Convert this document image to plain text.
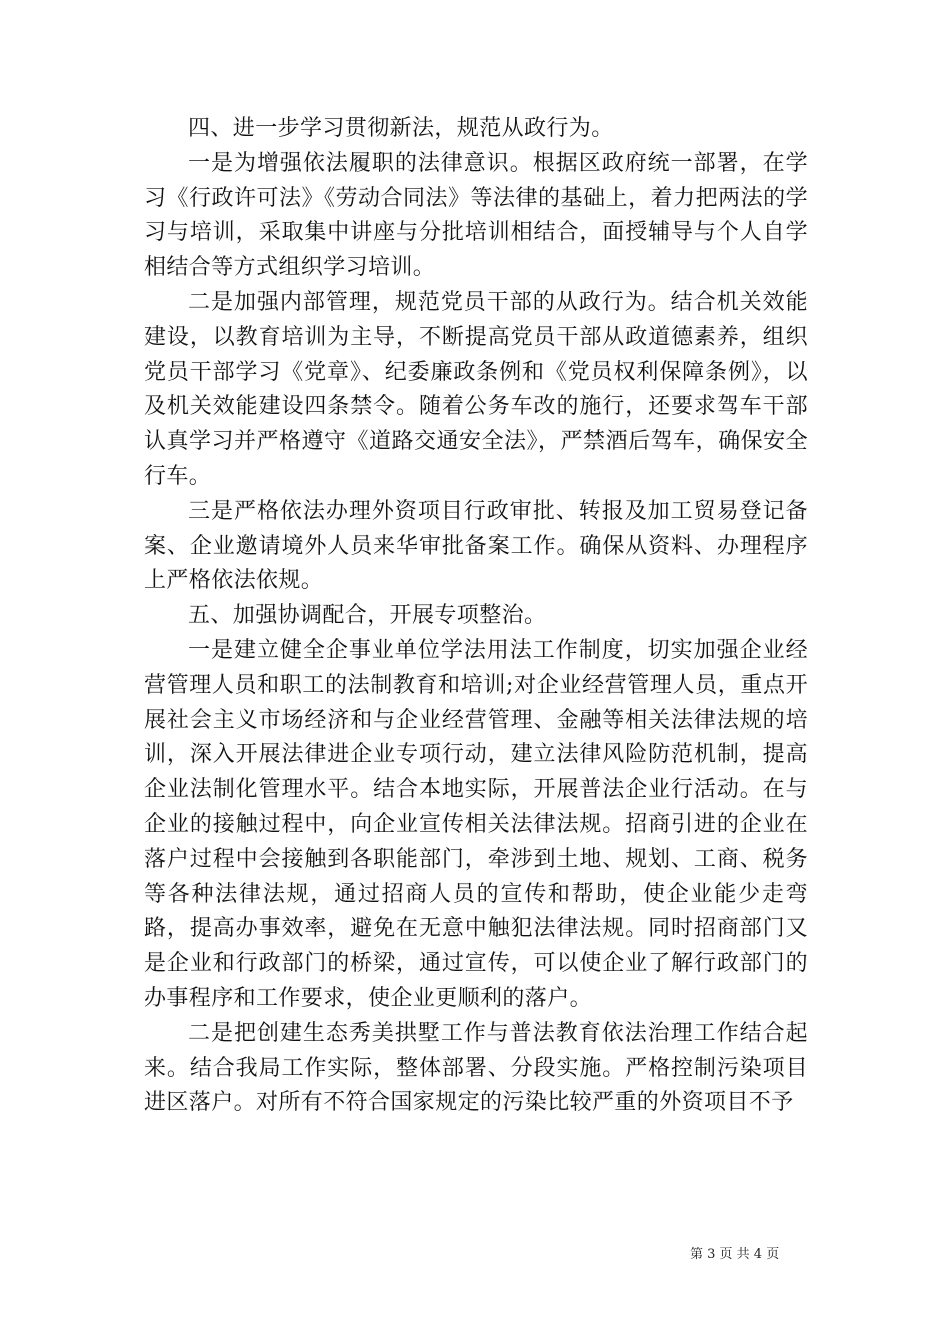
四、进一步学习贯彻新法，规范从政行为。

一是为增强依法履职的法律意识。根据区政府统一部署，在学习《行政许可法》《劳动合同法》等法律的基础上，着力把两法的学习与培训，采取集中讲座与分批培训相结合，面授辅导与个人自学相结合等方式组织学习培训。

二是加强内部管理，规范党员干部的从政行为。结合机关效能建设，以教育培训为主导，不断提高党员干部从政道德素养，组织党员干部学习《党章》、纪委廉政条例和《党员权利保障条例》，以及机关效能建设四条禁令。随着公务车改的施行，还要求驾车干部认真学习并严格遵守《道路交通安全法》，严禁酒后驾车，确保安全行车。

三是严格依法办理外资项目行政审批、转报及加工贸易登记备案、企业邀请境外人员来华审批备案工作。确保从资料、办理程序上严格依法依规。

五、加强协调配合，开展专项整治。

一是建立健全企事业单位学法用法工作制度，切实加强企业经营管理人员和职工的法制教育和培训;对企业经营管理人员，重点开展社会主义市场经济和与企业经营管理、金融等相关法律法规的培训，深入开展法律进企业专项行动，建立法律风险防范机制，提高企业法制化管理水平。结合本地实际，开展普法企业行活动。在与企业的接触过程中，向企业宣传相关法律法规。招商引进的企业在落户过程中会接触到各职能部门，牵涉到土地、规划、工商、税务等各种法律法规，通过招商人员的宣传和帮助，使企业能少走弯路，提高办事效率，避免在无意中触犯法律法规。同时招商部门又是企业和行政部门的桥梁，通过宣传，可以使企业了解行政部门的办事程序和工作要求，使企业更顺利的落户。

二是把创建生态秀美拱墅工作与普法教育依法治理工作结合起来。结合我局工作实际，整体部署、分段实施。严格控制污染项目进区落户。对所有不符合国家规定的污染比较严重的外资项目不予

第 3 页 共 4 页
